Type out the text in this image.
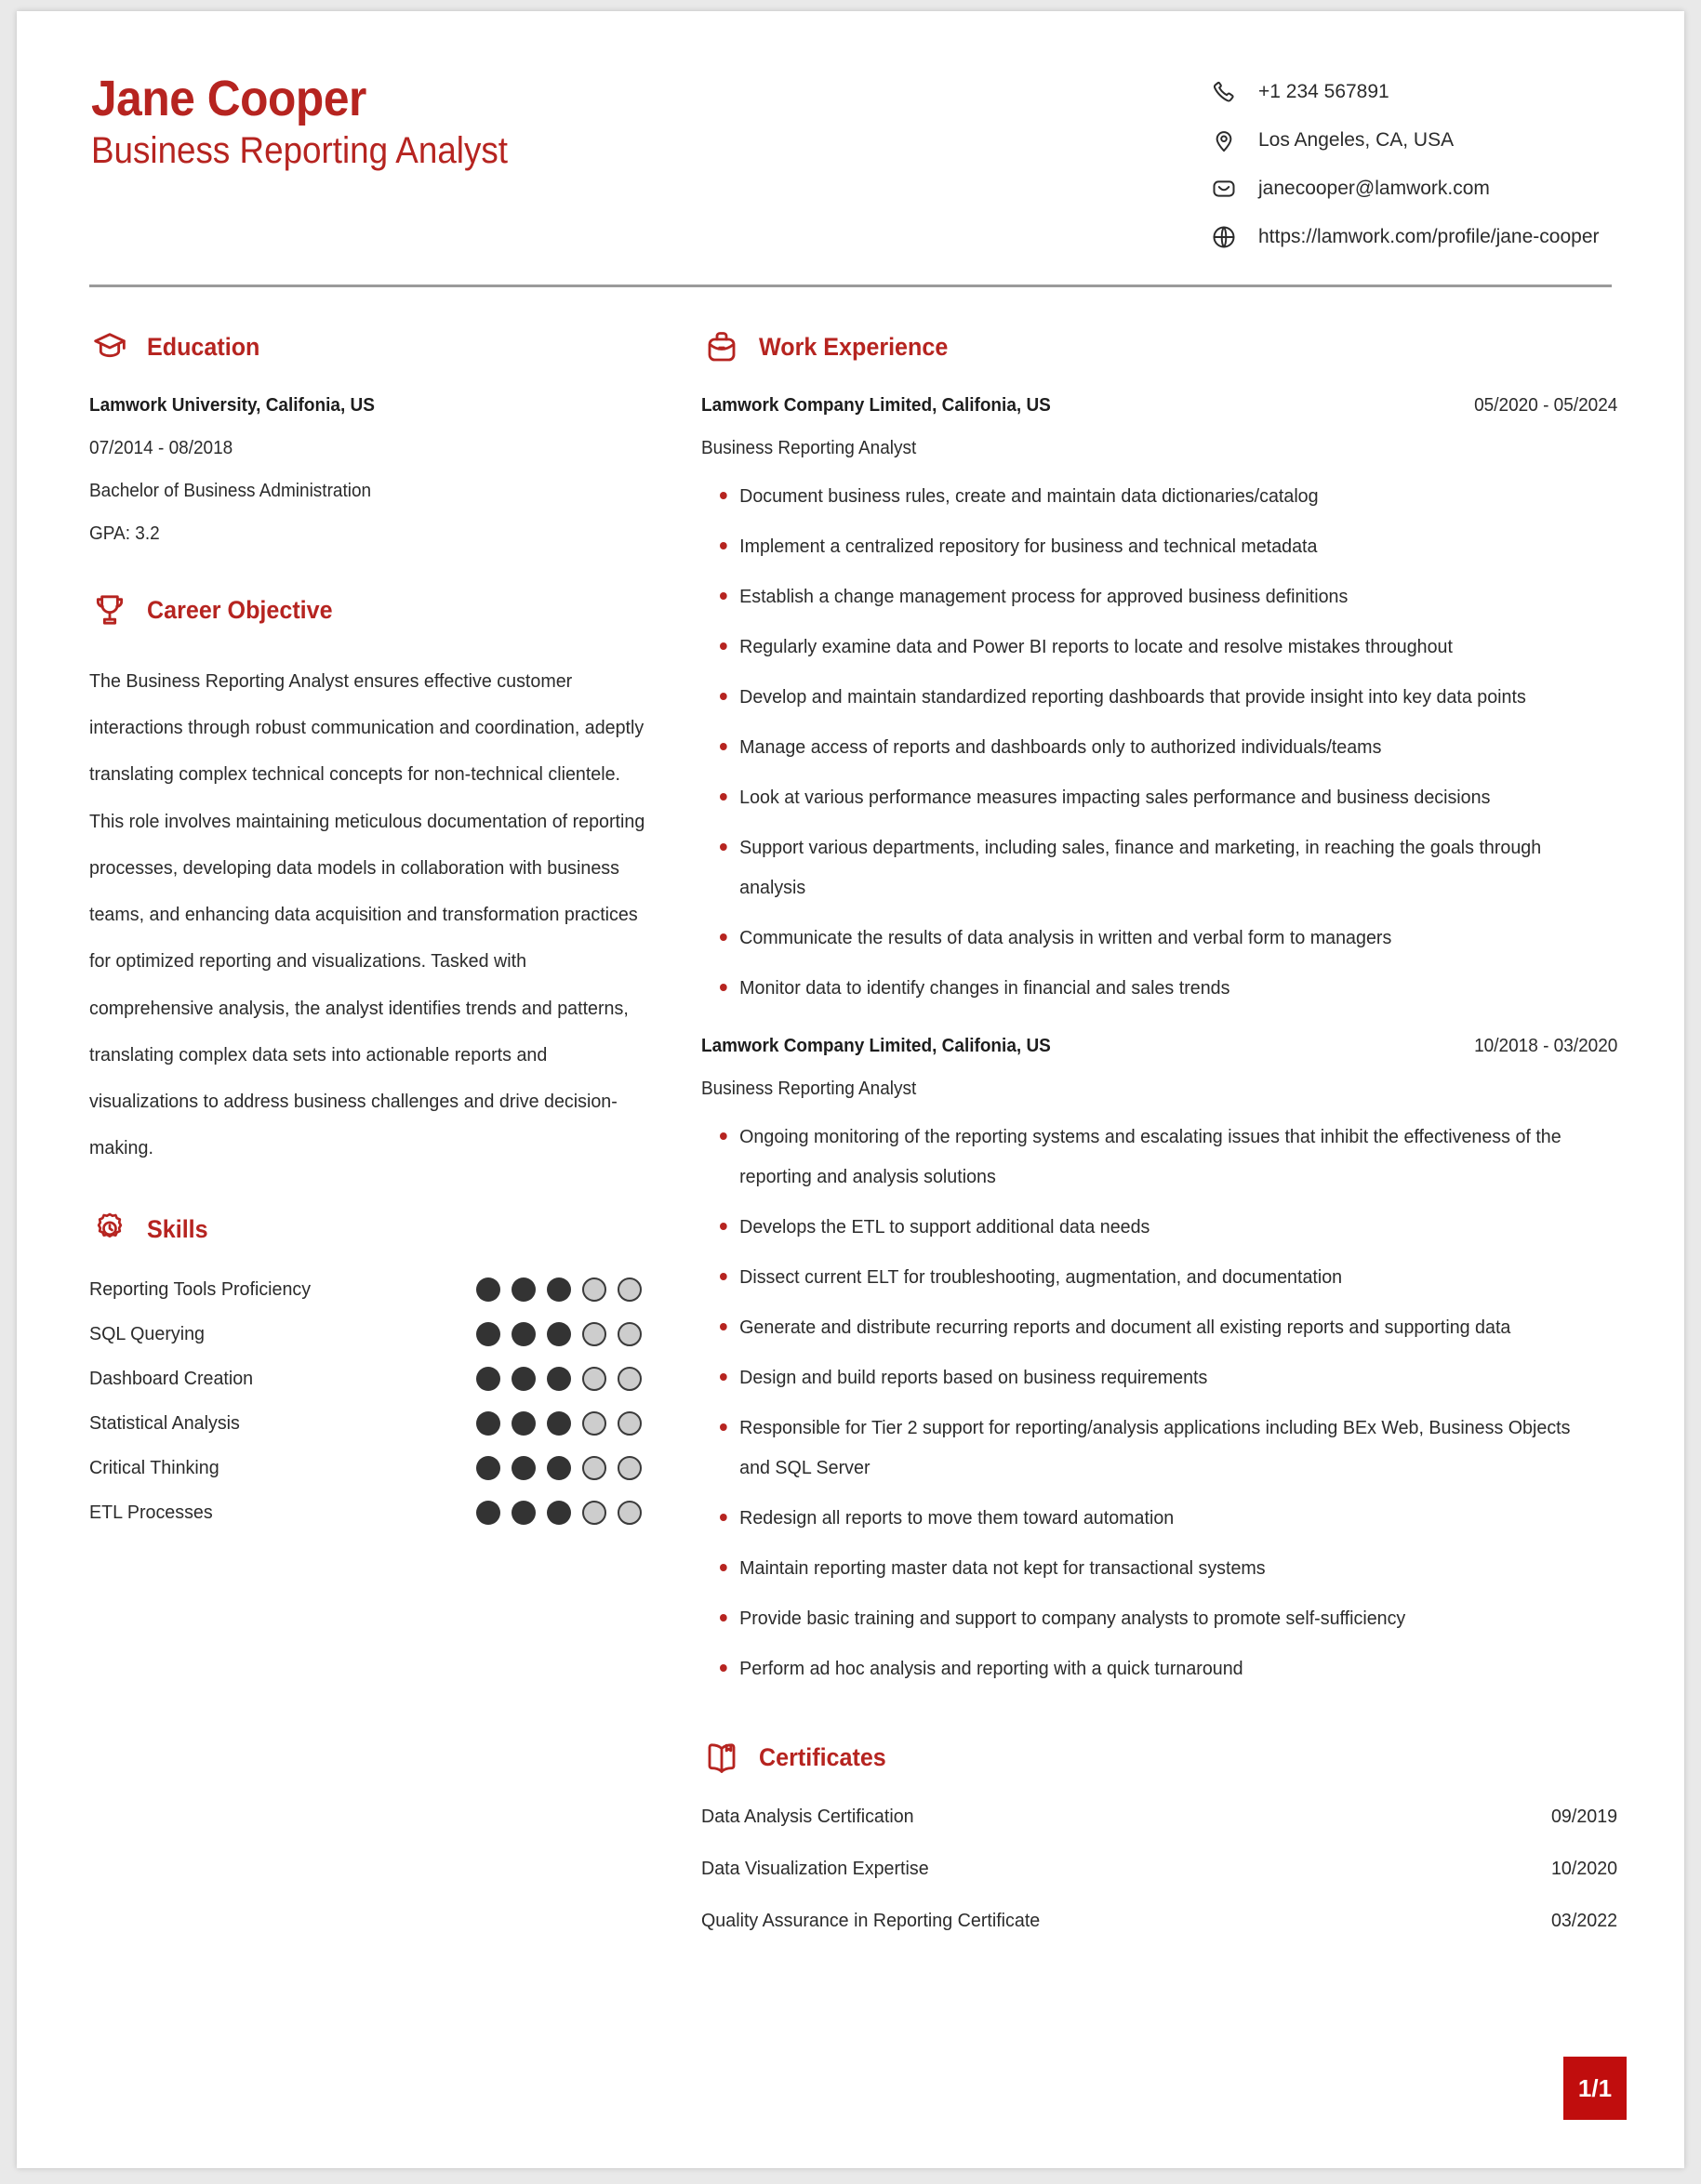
Jane Cooper
Business Reporting Analyst
+1 234 567891
Los Angeles, CA, USA
janecooper@lamwork.com
https://lamwork.com/profile/jane-cooper
Education
Lamwork University, Califonia, US
07/2014 - 08/2018
Bachelor of Business Administration
GPA: 3.2
Career Objective
The Business Reporting Analyst ensures effective customer interactions through robust communication and coordination, adeptly translating complex technical concepts for non-technical clientele. This role involves maintaining meticulous documentation of reporting processes, developing data models in collaboration with business teams, and enhancing data acquisition and transformation practices for optimized reporting and visualizations. Tasked with comprehensive analysis, the analyst identifies trends and patterns, translating complex data sets into actionable reports and visualizations to address business challenges and drive decision-making.
Skills
Reporting Tools Proficiency
SQL Querying
Dashboard Creation
Statistical Analysis
Critical Thinking
ETL Processes
Work Experience
Lamwork Company Limited, Califonia, US	05/2020 - 05/2024
Business Reporting Analyst
Document business rules, create and maintain data dictionaries/catalog
Implement a centralized repository for business and technical metadata
Establish a change management process for approved business definitions
Regularly examine data and Power BI reports to locate and resolve mistakes throughout
Develop and maintain standardized reporting dashboards that provide insight into key data points
Manage access of reports and dashboards only to authorized individuals/teams
Look at various performance measures impacting sales performance and business decisions
Support various departments, including sales, finance and marketing, in reaching the goals through analysis
Communicate the results of data analysis in written and verbal form to managers
Monitor data to identify changes in financial and sales trends
Lamwork Company Limited, Califonia, US	10/2018 - 03/2020
Business Reporting Analyst
Ongoing monitoring of the reporting systems and escalating issues that inhibit the effectiveness of the reporting and analysis solutions
Develops the ETL to support additional data needs
Dissect current ELT for troubleshooting, augmentation, and documentation
Generate and distribute recurring reports and document all existing reports and supporting data
Design and build reports based on business requirements
Responsible for Tier 2 support for reporting/analysis applications including BEx Web, Business Objects and SQL Server
Redesign all reports to move them toward automation
Maintain reporting master data not kept for transactional systems
Provide basic training and support to company analysts to promote self-sufficiency
Perform ad hoc analysis and reporting with a quick turnaround
Certificates
Data Analysis Certification	09/2019
Data Visualization Expertise	10/2020
Quality Assurance in Reporting Certificate	03/2022
1/1
